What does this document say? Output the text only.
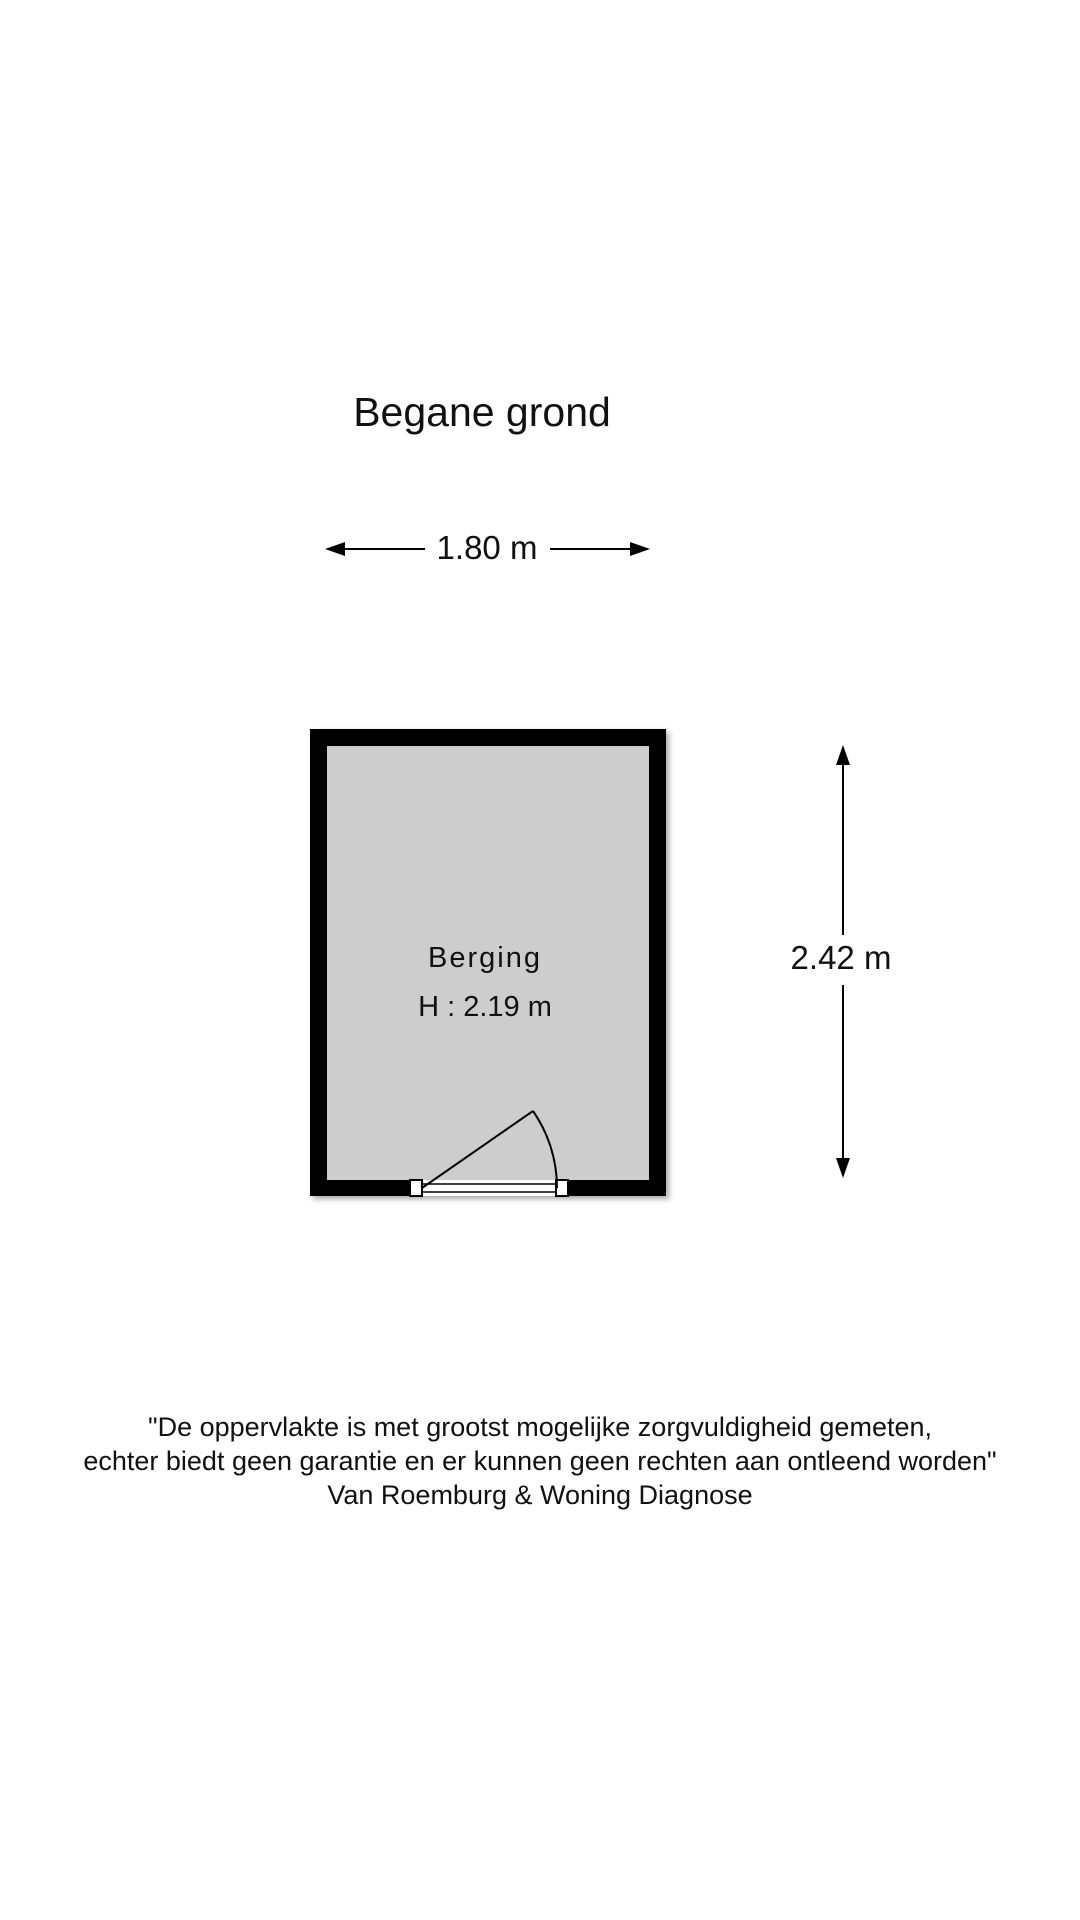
Begane grond
1.80 m
2.42 m
Berging
H : 2.19 m
"De oppervlakte is met grootst mogelijke zorgvuldigheid gemeten,
echter biedt geen garantie en er kunnen geen rechten aan ontleend worden"
Van Roemburg & Woning Diagnose
